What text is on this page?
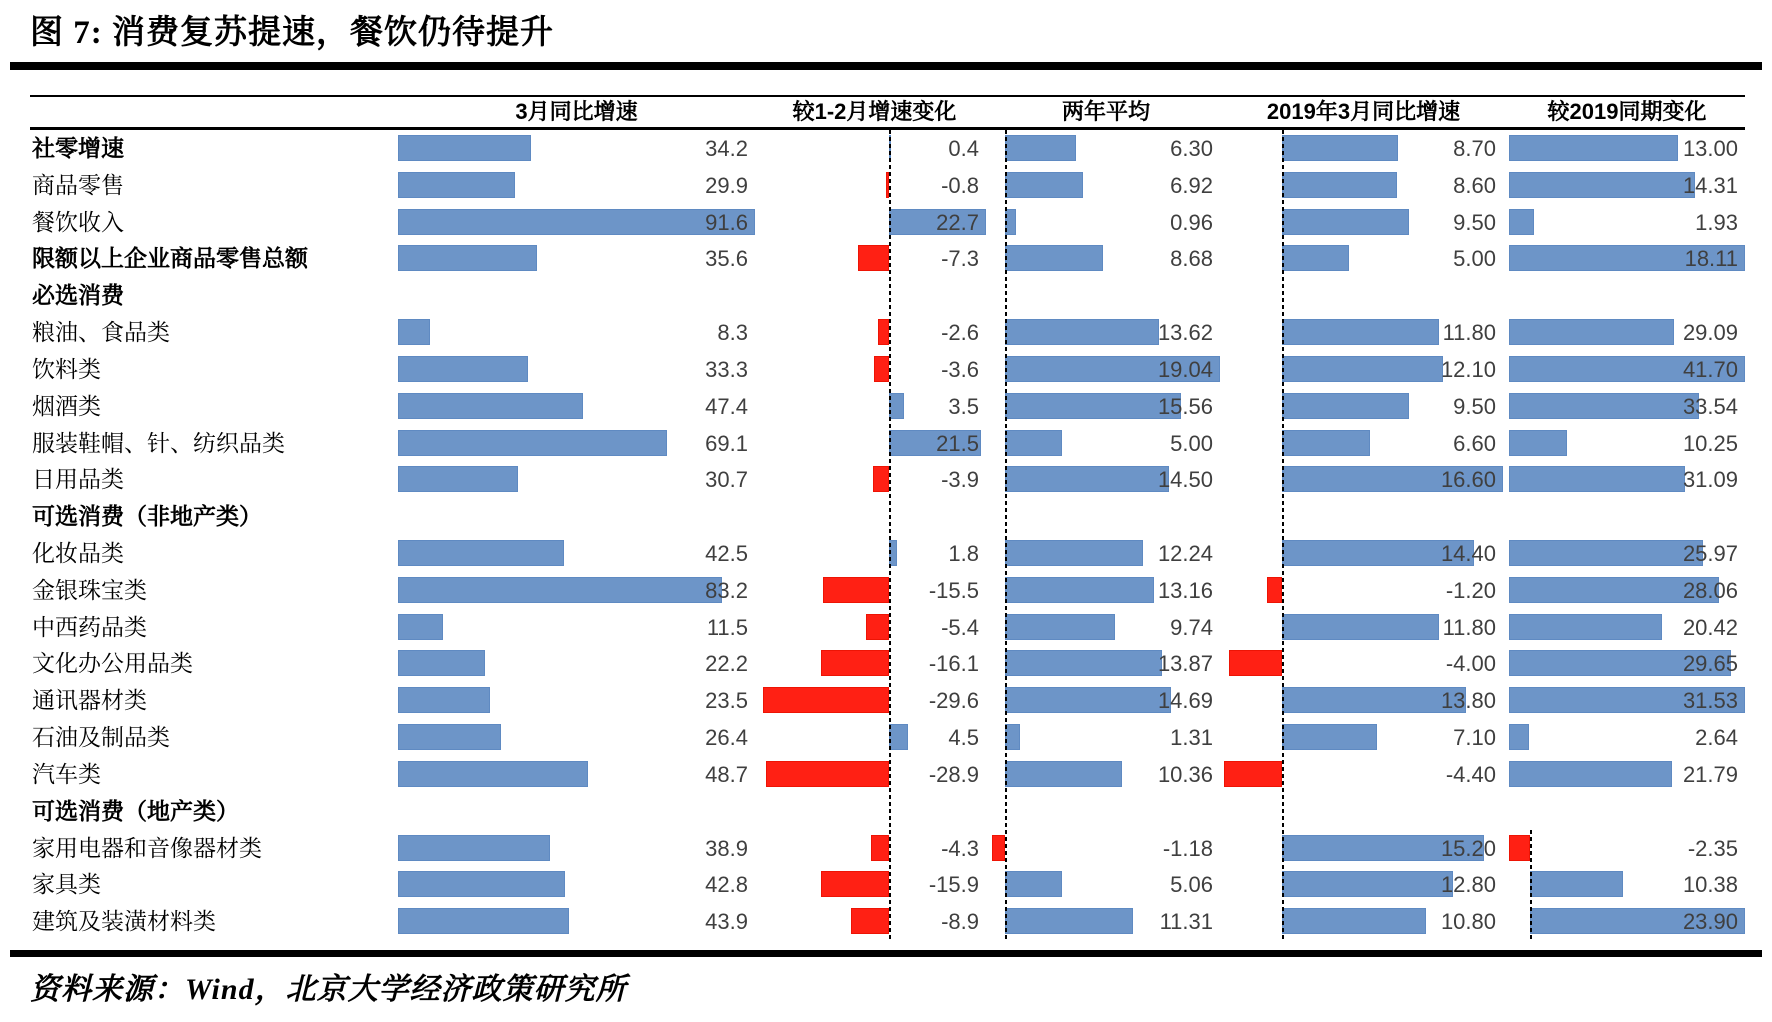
图 7: 消费复苏提速，餐饮仍待提升
3月同比增速	较1-2月增速变化	两年平均	2019年3月同比增速	较2019同期变化
社零增速	34.2	0.4	6.30	8.70	13.00
商品零售	29.9	-0.8	6.92	8.60	14.31
餐饮收入	91.6	22.7	0.96	9.50	1.93
限额以上企业商品零售总额	35.6	-7.3	8.68	5.00	18.11
必选消费
粮油、食品类	8.3	-2.6	13.62	11.80	29.09
饮料类	33.3	-3.6	19.04	12.10	41.70
烟酒类	47.4	3.5	15.56	9.50	33.54
服装鞋帽、针、纺织品类	69.1	21.5	5.00	6.60	10.25
日用品类	30.7	-3.9	14.50	16.60	31.09
可选消费（非地产类）
化妆品类	42.5	1.8	12.24	14.40	25.97
金银珠宝类	83.2	-15.5	13.16	-1.20	28.06
中西药品类	11.5	-5.4	9.74	11.80	20.42
文化办公用品类	22.2	-16.1	13.87	-4.00	29.65
通讯器材类	23.5	-29.6	14.69	13.80	31.53
石油及制品类	26.4	4.5	1.31	7.10	2.64
汽车类	48.7	-28.9	10.36	-4.40	21.79
可选消费（地产类）
家用电器和音像器材类	38.9	-4.3	-1.18	15.20	-2.35
家具类	42.8	-15.9	5.06	12.80	10.38
建筑及装潢材料类	43.9	-8.9	11.31	10.80	23.90
资料来源：Wind，北京大学经济政策研究所
